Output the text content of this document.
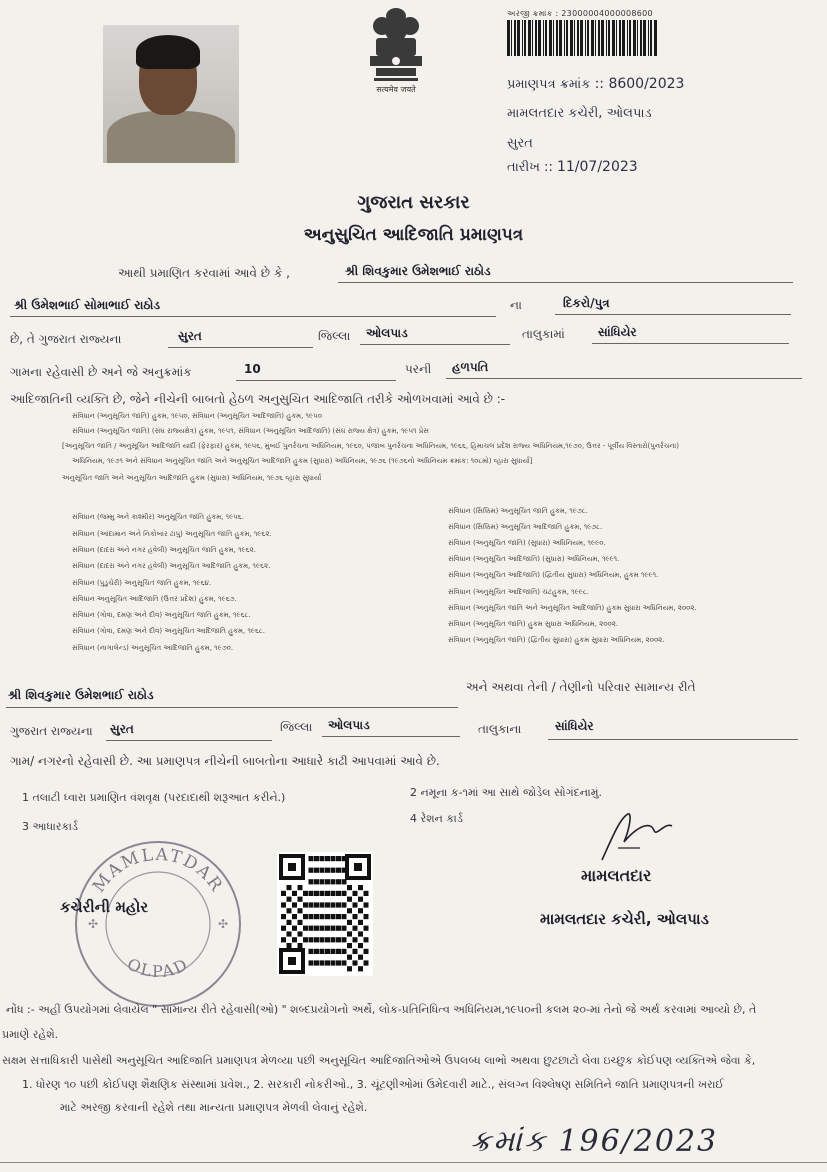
सत्यमेव जयते
અરજી ક્રમાંક : 23000004000008600
પ્રમાણપત્ર ક્રમાંક :: 8600/2023
મામલતદાર કચેરી, ઓલપાડ
સુરત
તારીખ :: 11/07/2023
ગુજરાત સરકાર
અનુસુચિત આદિજાતિ પ્રમાણપત્ર
આથી પ્રમાણિત કરવામાં આવે છે કે ,	શ્રી શિવકુમાર ઉમેશભાઈ રાઠોડ
શ્રી ઉમેશભાઈ સોમાભાઈ રાઠોડ	ના	દિકરો/પુત્ર
છે, તે ગુજરાત રાજ્યના	સુરત	જિલ્લા ઓલપાડ	તાલુકામાં	સાંધિયેર
ગામના રહેવાસી છે અને જે અનુક્રમાંક	10	પરની હળપતિ
આદિજાતિની વ્યક્તિ છે, જેને નીચેની બાબતો હેઠળ અનુસુચિત આદિજાતિ તરીકે ઓળખવામાં આવે છે :-
સંવિધાન (અનુસૂચિત જાતિ) હુકમ, ૧૯૫૦, સંવિધાન (અનુસૂચિત આદિજાતિ) હુકમ, ૧૯૫૦
સંવિધાન (અનુસૂચિત જાતિ) (સંઘ રાજ્યક્ષેત્ર) હુકમ, ૧૯૫૧, સંવિધાન (અનુસૂચિત આદિજાતિ) (સંઘ રાજ્ય ક્ષેત્ર) હુકમ, ૧૯૫૧ પ્રેસ
[અનુસૂચિત જાતિ / અનુસૂચિત આદિજાતિ યાદી (ફેરફાર) હુકમ, ૧૯૫૬, મુંબઈ પુનર્રચના અધિનિયમ, ૧૯૬૦, પંજાબ પુનર્રચના અધિનિયમ, ૧૯૬૬, હિમાચલ પ્રદેશ રાજ્ય અધિનિયમ,૧૯૭૦, ઉત્તર - પૂર્વીય વિસ્તારો(પુનર્રચના)
અધિનિયમ, ૧૯૭૧ અને સંવિધાન અનુસૂચિત જાતિ અને અનુસૂચિત આદિજાતિ હુકમ (સુધારા) અધિનિયમ, ૧૯૭૬ (૧૯૭૬નો અધિનિયમ ક્રમાંક: ૧૦૮મો) વ્હારા સુધાર્યા]
અનુસૂચિત જાતિ અને અનુસૂચિત આદિજાતિ હુકમ (સુધારા) અધિનિયમ, ૧૯૭૬ વ્હારા સુધાર્યા
સંવિધાન (જમ્મુ અને કાશ્મીર) અનુસૂચિત જાતિ હુકમ, ૧૯૫૬.
સંવિધાન (આંદામાન અને નિકોબાર ટાપુ) અનુસૂચિત જાતિ હુકમ, ૧૯૬૨.
સંવિધાન (દાદરા અને નગર હવેલી) અનુસૂચિત જાતિ હુકમ, ૧૯૬૨.
સંવિધાન (દાદરા અને નગર હવેલી) અનુસૂચિત આદિજાતિ હુકમ, ૧૯૬૨.
સંવિધાન (પુડુચેરી) અનુસૂચિત જાતિ હુકમ, ૧૯૬૪.
સંવિધાન અનુસૂચિત આદિજાતિ (ઉત્તર પ્રદેશ) હુકમ, ૧૯૬૭.
સંવિધાન (ગોવા, દમણ અને દીવ) અનુસૂચિત જાતિ હુકમ, ૧૯૬૮.
સંવિધાન (ગોવા, દમણ અને દીવ) અનુસૂચિત આદિજાતિ હુકમ, ૧૯૬૮.
સંવિધાન (નાગાલેન્ડ) અનુસૂચિત આદિજાતિ હુકમ, ૧૯૭૦.
સંવિધાન (સિક્કિમ) અનુસૂચિત જાતિ હુકમ, ૧૯૭૮.
સંવિધાન (સિક્કિમ) અનુસૂચિત આદિજાતિ હુકમ, ૧૯૭૮.
સંવિધાન (અનુસૂચિત જાતિ) (સુધારા) અધિનિયમ, ૧૯૯૦.
સંવિધાન (અનુસૂચિત આદિજાતિ) (સુધારા) અધિનિયમ, ૧૯૯૧.
સંવિધાન (અનુસૂચિત આદિજાતિ) (દ્વિતીય સુધારા) અધિનિયમ, હુકમ ૧૯૯૧.
સંવિધાન (અનુસૂચિત આદિજાતિ) ચટહુકમ, ૧૯૯૮.
સંવિધાન (અનુસૂચિત જાતિ અને અનુસૂચિત આદિજાતિ) હુકમ સુધારા અધિનિયમ, ૨૦૦૨.
સંવિધાન (અનુસૂચિત જાતિ) હુકમ સુધારા અધિનિયમ, ૨૦૦૨.
સંવિધાન (અનુસૂચિત જાતિ) (દ્વિતીય સુધારા) હુકમ સુધારા અધિનિયમ, ૨૦૦૨.
શ્રી શિવકુમાર ઉમેશભાઈ રાઠોડ
અને અથવા તેની / તેણીનો પરિવાર સામાન્ય રીતે
ગુજરાત રાજ્યના સુરત	જિલ્લા ઓલપાડ	તાલુકાના	સાંધિયેર
ગામ/ નગરનો રહેવાસી છે. આ પ્રમાણપત્ર નીચેની બાબતોના આધારે કાઢી આપવામાં આવે છે.
1 તલાટી ધ્વારા પ્રમાણિત વંશવૃક્ષ (પરદાદાથી શરૂઆત કરીને.)	2 નમૂના ક-૧માં આ સાથે જોડેલ સોગંદનામું.
3 આધારકાર્ડ
4 રેશન કાર્ડ
MAMLATDAR
OLPAD
✣	✣
કચેરીની મહોર
મામલતદાર
મામલતદાર કચેરી, ઓલપાડ
નોંધ :- અહીં ઉપયોગમાં લેવાયેલ " સામાન્ય રીતે રહેવાસી(ઓ) " શબ્દપ્રયોગનો અર્થે, લોક-પ્રતિનિધિત્વ અધિનિયમ,૧૯૫૦ની કલમ ૨૦-માં તેનો જે અર્થ કરવામાં આવ્યો છે, તે
પ્રમાણે રહેશે.
સક્ષમ સત્તાધિકારી પાસેથી અનુસૂચિત આદિજાતિ પ્રમાણપત્ર મેળવ્યા પછી અનુસૂચિત આદિજાતિઓએ ઉપલબ્ધ લાભો અથવા છુટછાટો લેવા ઇચ્છુક કોઈપણ વ્યક્તિએ જેવા કે,
1. ધોરણ ૧૦ પછી કોઈપણ શૈક્ષણિક સંસ્થામાં પ્રવેશ., 2. સરકારી નોકરીઓ., 3. ચૂંટણીઓમાં ઉમેદવારી માટે., સંલગ્ન વિશ્લેષણ સમિતિને જાતિ પ્રમાણપત્રની ખરાઈ
માટે અરજી કરવાની રહેશે તથા માન્યતા પ્રમાણપત્ર મેળવી લેવાનું રહેશે.
ક્રમાંક 196/2023
